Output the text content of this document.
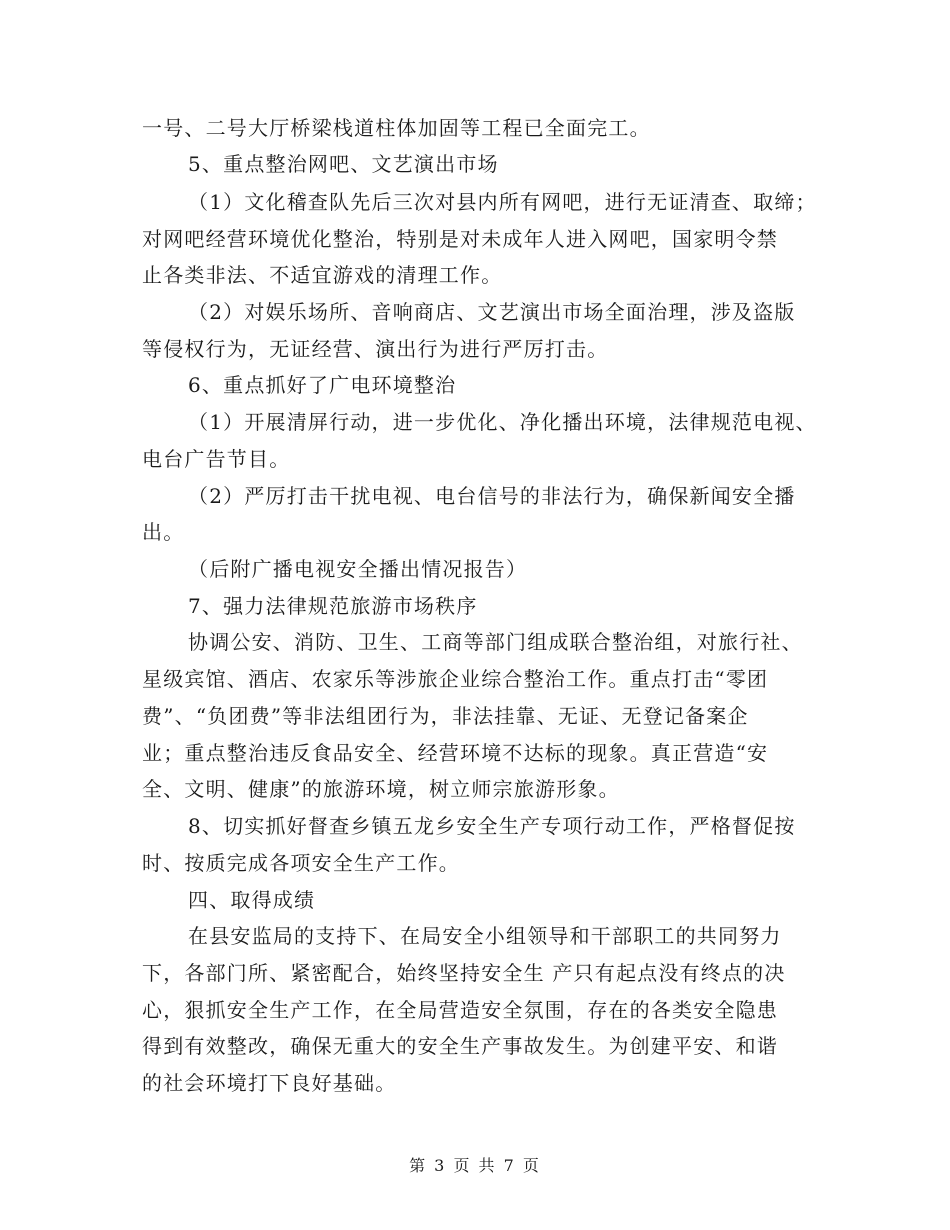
一号、二号大厅桥梁栈道柱体加固等工程已全面完工。
5、重点整治网吧、文艺演出市场
（1）文化稽查队先后三次对县内所有网吧，进行无证清查、取缔；
对网吧经营环境优化整治，特别是对未成年人进入网吧，国家明令禁
止各类非法、不适宜游戏的清理工作。
（2）对娱乐场所、音响商店、文艺演出市场全面治理，涉及盗版
等侵权行为，无证经营、演出行为进行严厉打击。
6、重点抓好了广电环境整治
（1）开展清屏行动，进一步优化、净化播出环境，法律规范电视、
电台广告节目。
（2）严厉打击干扰电视、电台信号的非法行为，确保新闻安全播
出。
（后附广播电视安全播出情况报告）
7、强力法律规范旅游市场秩序
协调公安、消防、卫生、工商等部门组成联合整治组，对旅行社、
星级宾馆、酒店、农家乐等涉旅企业综合整治工作。重点打击“零团
费”、“负团费”等非法组团行为，非法挂靠、无证、无登记备案企
业；重点整治违反食品安全、经营环境不达标的现象。真正营造“安
全、文明、健康”的旅游环境，树立师宗旅游形象。
8、切实抓好督查乡镇五龙乡安全生产专项行动工作，严格督促按
时、按质完成各项安全生产工作。
四、取得成绩
在县安监局的支持下、在局安全小组领导和干部职工的共同努力
下，各部门所、紧密配合，始终坚持安全生 产只有起点没有终点的决
心，狠抓安全生产工作，在全局营造安全氛围，存在的各类安全隐患
得到有效整改，确保无重大的安全生产事故发生。为创建平安、和谐
的社会环境打下良好基础。
第 3 页 共 7 页
